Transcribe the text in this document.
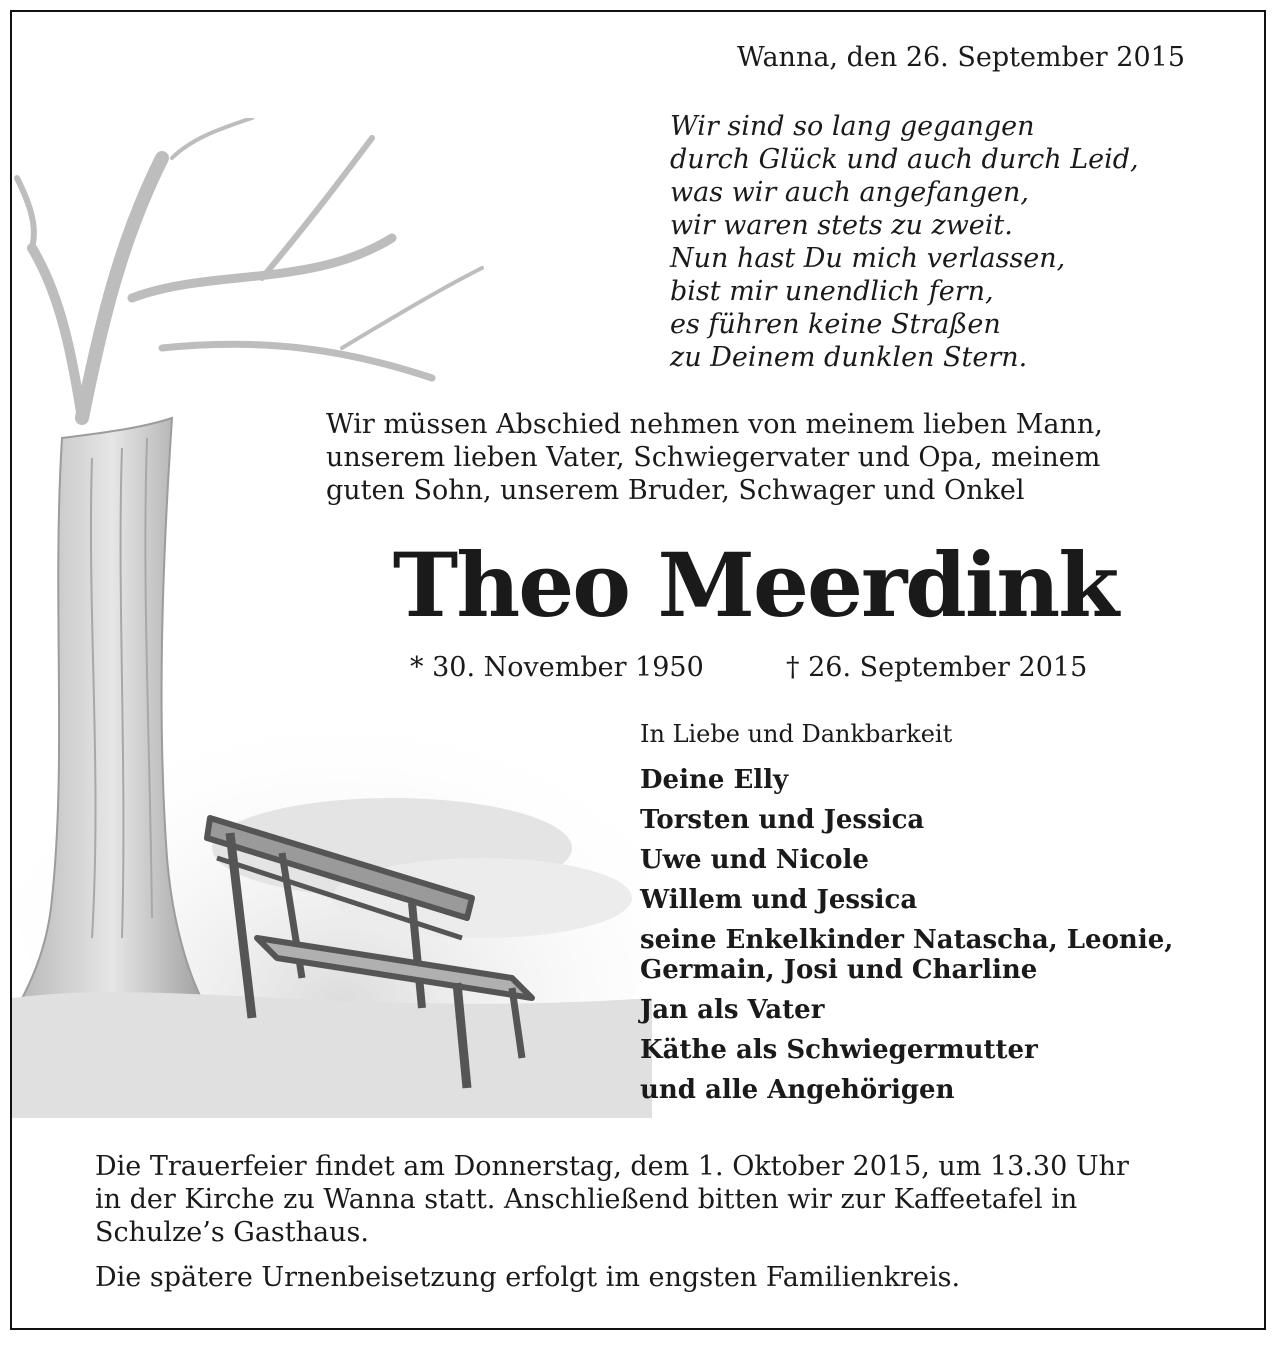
Wanna, den 26. September 2015
Wir sind so lang gegangen
durch Glück und auch durch Leid,
was wir auch angefangen,
wir waren stets zu zweit.
Nun hast Du mich verlassen,
bist mir unendlich fern,
es führen keine Straßen
zu Deinem dunklen Stern.
Wir müssen Abschied nehmen von meinem lieben Mann,
unserem lieben Vater, Schwiegervater und Opa, meinem
guten Sohn, unserem Bruder, Schwager und Onkel
Theo Meerdink
* 30. November 1950	† 26. September 2015
In Liebe und Dankbarkeit
Deine Elly
Torsten und Jessica
Uwe und Nicole
Willem und Jessica
seine Enkelkinder Natascha, Leonie,
Germain, Josi und Charline
Jan als Vater
Käthe als Schwiegermutter
und alle Angehörigen
Die Trauerfeier findet am Donnerstag, dem 1. Oktober 2015, um 13.30 Uhr
in der Kirche zu Wanna statt. Anschließend bitten wir zur Kaffeetafel in
Schulze’s Gasthaus.
Die spätere Urnenbeisetzung erfolgt im engsten Familienkreis.
